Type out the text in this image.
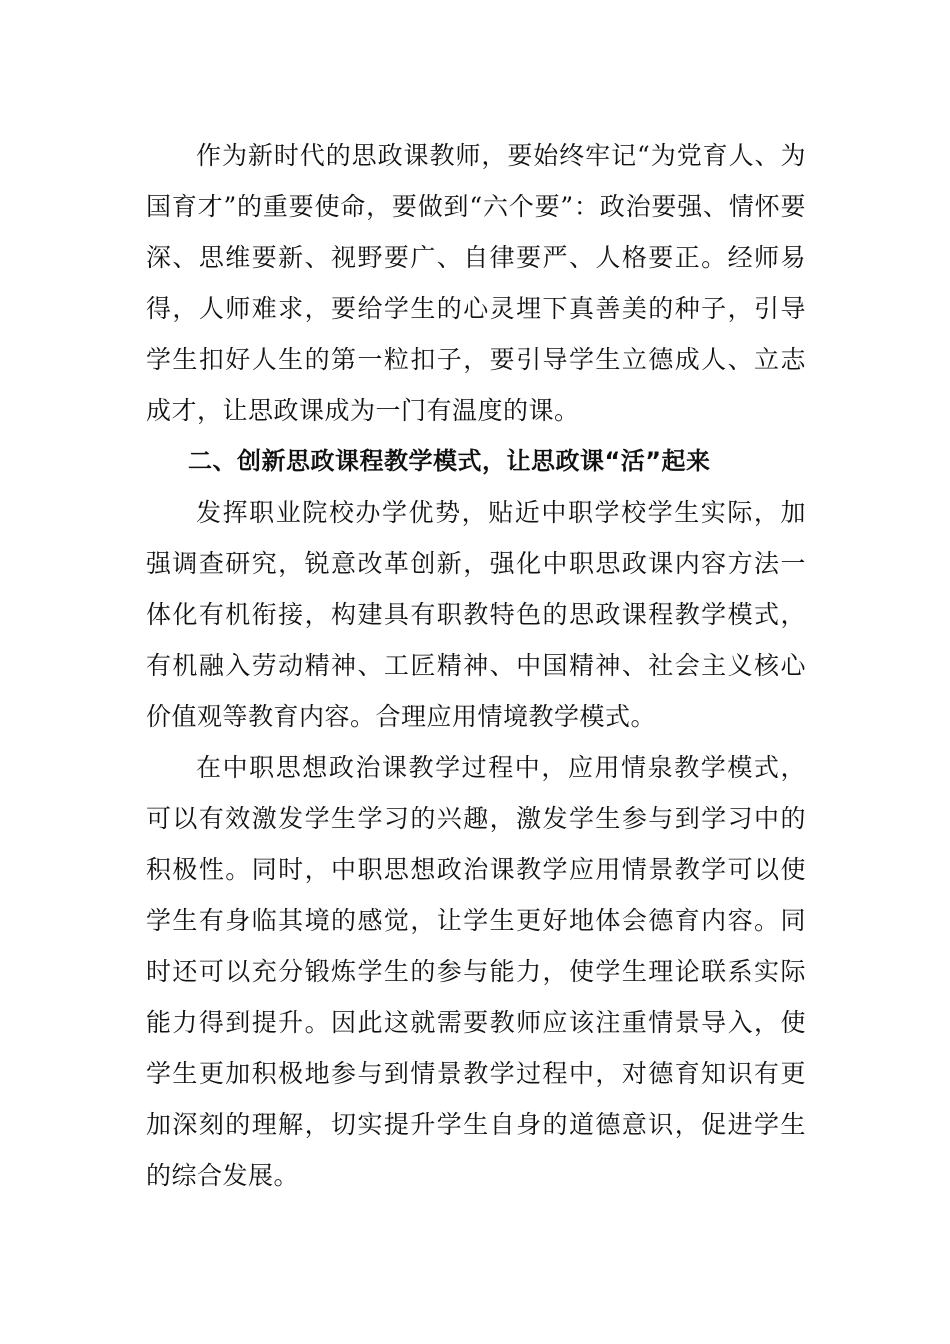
作为新时代的思政课教师，要始终牢记“为党育人、为国育才”的重要使命，要做到“六个要”：政治要强、情怀要深、思维要新、视野要广、自律要严、人格要正。经师易得，人师难求，要给学生的心灵埋下真善美的种子，引导学生扣好人生的第一粒扣子，要引导学生立德成人、立志成才，让思政课成为一门有温度的课。

二、创新思政课程教学模式，让思政课“活”起来

发挥职业院校办学优势，贴近中职学校学生实际，加强调查研究，锐意改革创新，强化中职思政课内容方法一体化有机衔接，构建具有职教特色的思政课程教学模式，有机融入劳动精神、工匠精神、中国精神、社会主义核心价值观等教育内容。合理应用情境教学模式。

在中职思想政治课教学过程中，应用情泉教学模式，可以有效激发学生学习的兴趣，激发学生参与到学习中的积极性。同时，中职思想政治课教学应用情景教学可以使学生有身临其境的感觉，让学生更好地体会德育内容。同时还可以充分锻炼学生的参与能力，使学生理论联系实际能力得到提升。因此这就需要教师应该注重情景导入，使学生更加积极地参与到情景教学过程中，对德育知识有更加深刻的理解，切实提升学生自身的道德意识，促进学生的综合发展。
